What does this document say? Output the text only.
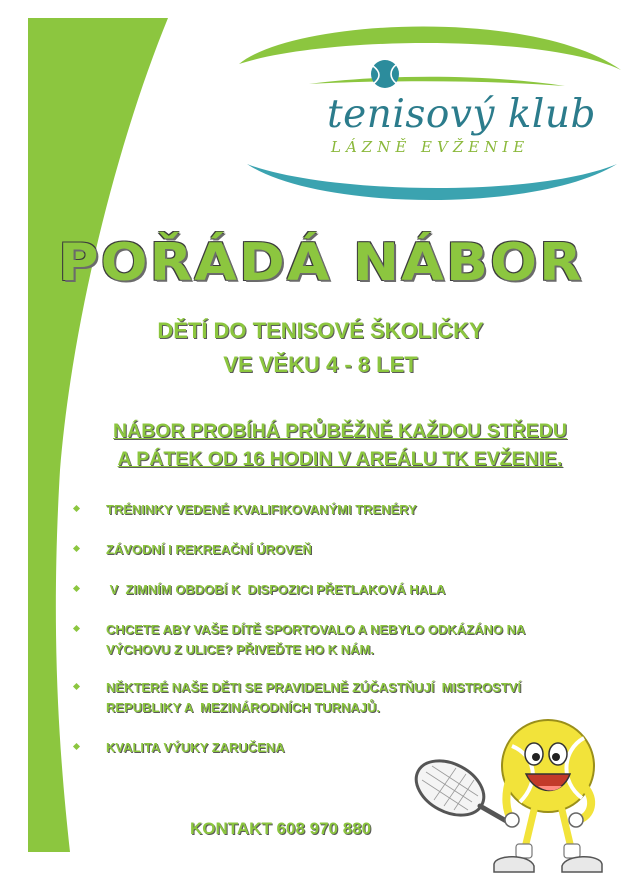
tenisový klub
LÁZNĚ EVŽENIE
POŘÁDÁ NÁBOR
DĚTÍ DO TENISOVÉ ŠKOLIČKY
VE VĚKU 4 - 8 LET
NÁBOR PROBÍHÁ PRŮBĚŽNĚ KAŽDOU STŘEDU
A PÁTEK OD 16 HODIN V AREÁLU TK EVŽENIE.
TRÉNINKY VEDENÉ KVALIFIKOVANÝMI TRENÉRY
ZÁVODNÍ I REKREAČNÍ ÚROVEŇ
V  ZIMNÍM OBDOBÍ K  DISPOZICI PŘETLAKOVÁ HALA
CHCETE ABY VAŠE DÍTĚ SPORTOVALO A NEBYLO ODKÁZÁNO NA
VÝCHOVU Z ULICE? PŘIVEĎTE HO K NÁM.
NĚKTERÉ NAŠE DĚTI SE PRAVIDELNĚ ZÚČASTŇUJÍ  MISTROSTVÍ
REPUBLIKY A  MEZINÁRODNÍCH TURNAJŮ.
KVALITA VÝUKY ZARUČENA
KONTAKT 608 970 880
